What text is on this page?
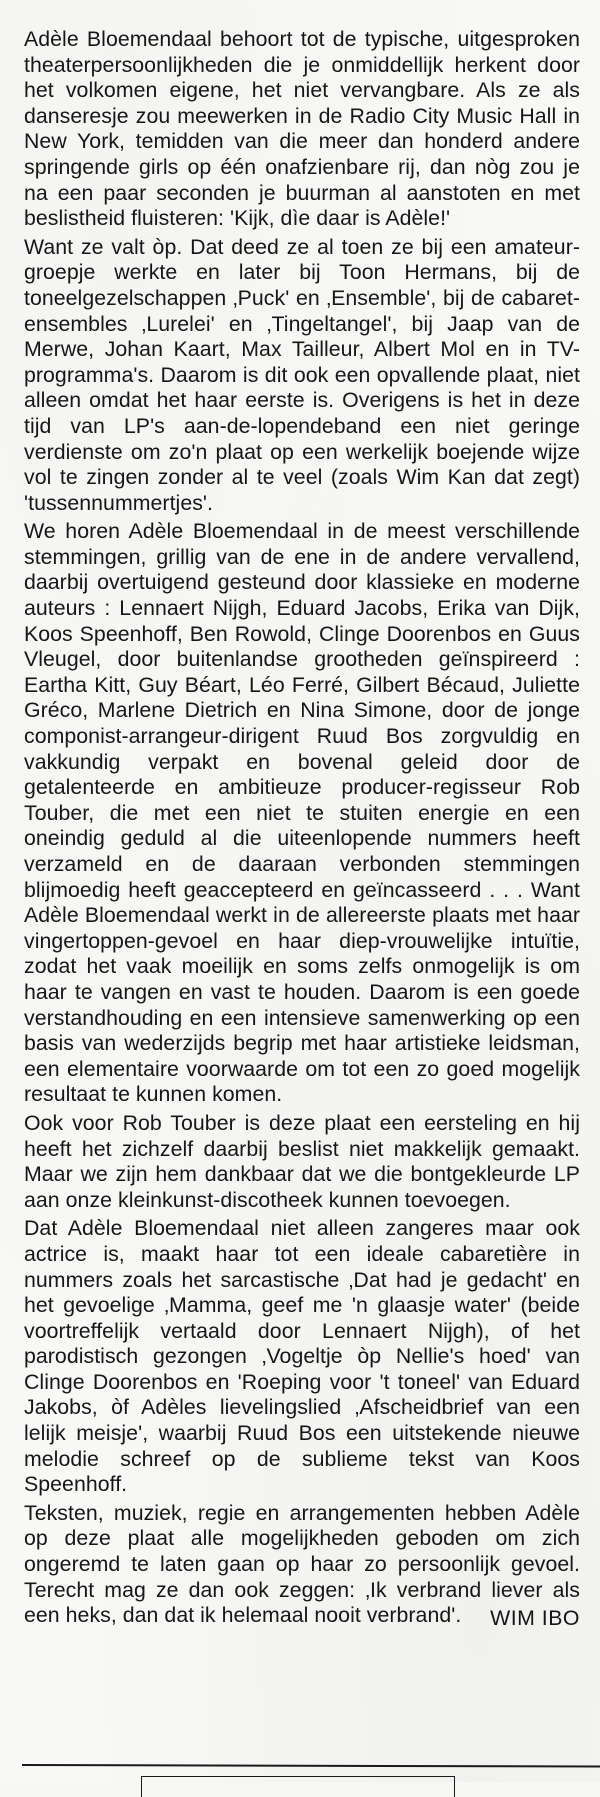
Adèle Bloemendaal behoort tot de typische, uitgesproken theaterpersoonlijkheden die je onmiddellijk herkent door het volkomen eigene, het niet vervangbare. Als ze als danseresje zou meewerken in de Radio City Music Hall in New York, temidden van die meer dan honderd andere springende girls op één onafzienbare rij, dan nòg zou je na een paar seconden je buurman al aanstoten en met beslistheid fluisteren: 'Kijk, dìe daar is Adèle!'

Want ze valt òp. Dat deed ze al toen ze bij een amateur-groepje werkte en later bij Toon Hermans, bij de toneelgezelschappen ‚Puck' en ‚Ensemble', bij de cabaret-ensembles ‚Lurelei' en ‚Tingeltangel', bij Jaap van de Merwe, Johan Kaart, Max Tailleur, Albert Mol en in TV-programma's. Daarom is dit ook een opvallende plaat, niet alleen omdat het haar eerste is. Overigens is het in deze tijd van LP's aan-de-lopendeband een niet geringe verdienste om zo'n plaat op een werkelijk boejende wijze vol te zingen zonder al te veel (zoals Wim Kan dat zegt) 'tussennummertjes'.

We horen Adèle Bloemendaal in de meest verschillende stemmingen, grillig van de ene in de andere vervallend, daarbij overtuigend gesteund door klassieke en moderne auteurs : Lennaert Nijgh, Eduard Jacobs, Erika van Dijk, Koos Speenhoff, Ben Rowold, Clinge Doorenbos en Guus Vleugel, door buitenlandse grootheden geïnspireerd : Eartha Kitt, Guy Béart, Léo Ferré, Gilbert Bécaud, Juliette Gréco, Marlene Dietrich en Nina Simone, door de jonge componist-arrangeur-dirigent Ruud Bos zorgvuldig en vakkundig verpakt en bovenal geleid door de getalenteerde en ambitieuze producer-regisseur Rob Touber, die met een niet te stuiten energie en een oneindig geduld al die uiteenlopende nummers heeft verzameld en de daaraan verbonden stemmingen blijmoedig heeft geaccepteerd en geïncasseerd . . . Want Adèle Bloemendaal werkt in de allereerste plaats met haar vingertoppen-gevoel en haar diep-vrouwelijke intuïtie, zodat het vaak moeilijk en soms zelfs onmogelijk is om haar te vangen en vast te houden. Daarom is een goede verstandhouding en een intensieve samenwerking op een basis van wederzijds begrip met haar artistieke leidsman, een elementaire voorwaarde om tot een zo goed mogelijk resultaat te kunnen komen.

Ook voor Rob Touber is deze plaat een eersteling en hij heeft het zichzelf daarbij beslist niet makkelijk gemaakt. Maar we zijn hem dankbaar dat we die bontgekleurde LP aan onze kleinkunst-discotheek kunnen toevoegen.

Dat Adèle Bloemendaal niet alleen zangeres maar ook actrice is, maakt haar tot een ideale cabaretière in nummers zoals het sarcastische ‚Dat had je gedacht' en het gevoelige ‚Mamma, geef me 'n glaasje water' (beide voortreffelijk vertaald door Lennaert Nijgh), of het parodistisch gezongen ‚Vogeltje òp Nellie's hoed' van Clinge Doorenbos en 'Roeping voor 't toneel' van Eduard Jakobs, òf Adèles lievelingslied ‚Afscheidbrief van een lelijk meisje', waarbij Ruud Bos een uitstekende nieuwe melodie schreef op de sublieme tekst van Koos Speenhoff.

Teksten, muziek, regie en arrangementen hebben Adèle op deze plaat alle mogelijkheden geboden om zich ongeremd te laten gaan op haar zo persoonlijk gevoel. Terecht mag ze dan ook zeggen: ‚Ik verbrand liever als een heks, dan dat ik helemaal nooit verbrand'.	WIM IBO
